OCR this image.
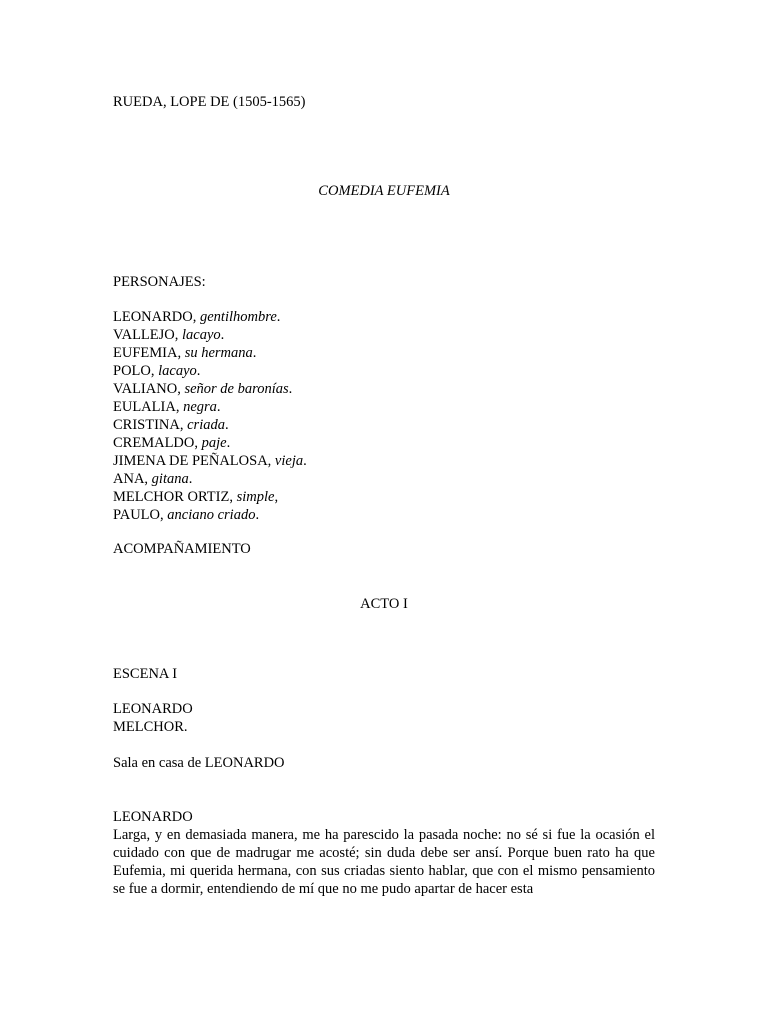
RUEDA, LOPE DE (1505-1565)
COMEDIA EUFEMIA
PERSONAJES:
LEONARDO, gentilhombre.
VALLEJO, lacayo.
EUFEMIA, su hermana.
POLO, lacayo.
VALIANO, señor de baronías.
EULALIA, negra.
CRISTINA, criada.
CREMALDO, paje.
JIMENA DE PEÑALOSA, vieja.
ANA, gitana.
MELCHOR ORTIZ, simple,
PAULO, anciano criado.
ACOMPAÑAMIENTO
ACTO I
ESCENA I
LEONARDO
MELCHOR.
Sala en casa de LEONARDO
LEONARDO
Larga, y en demasiada manera, me ha parescido la pasada noche: no sé si fue la ocasión el cuidado con que de madrugar me acosté; sin duda debe ser ansí. Porque buen rato ha que Eufemia, mi querida hermana, con sus criadas siento hablar, que con el mismo pensamiento se fue a dormir, entendiendo de mí que no me pudo apartar de hacer esta
